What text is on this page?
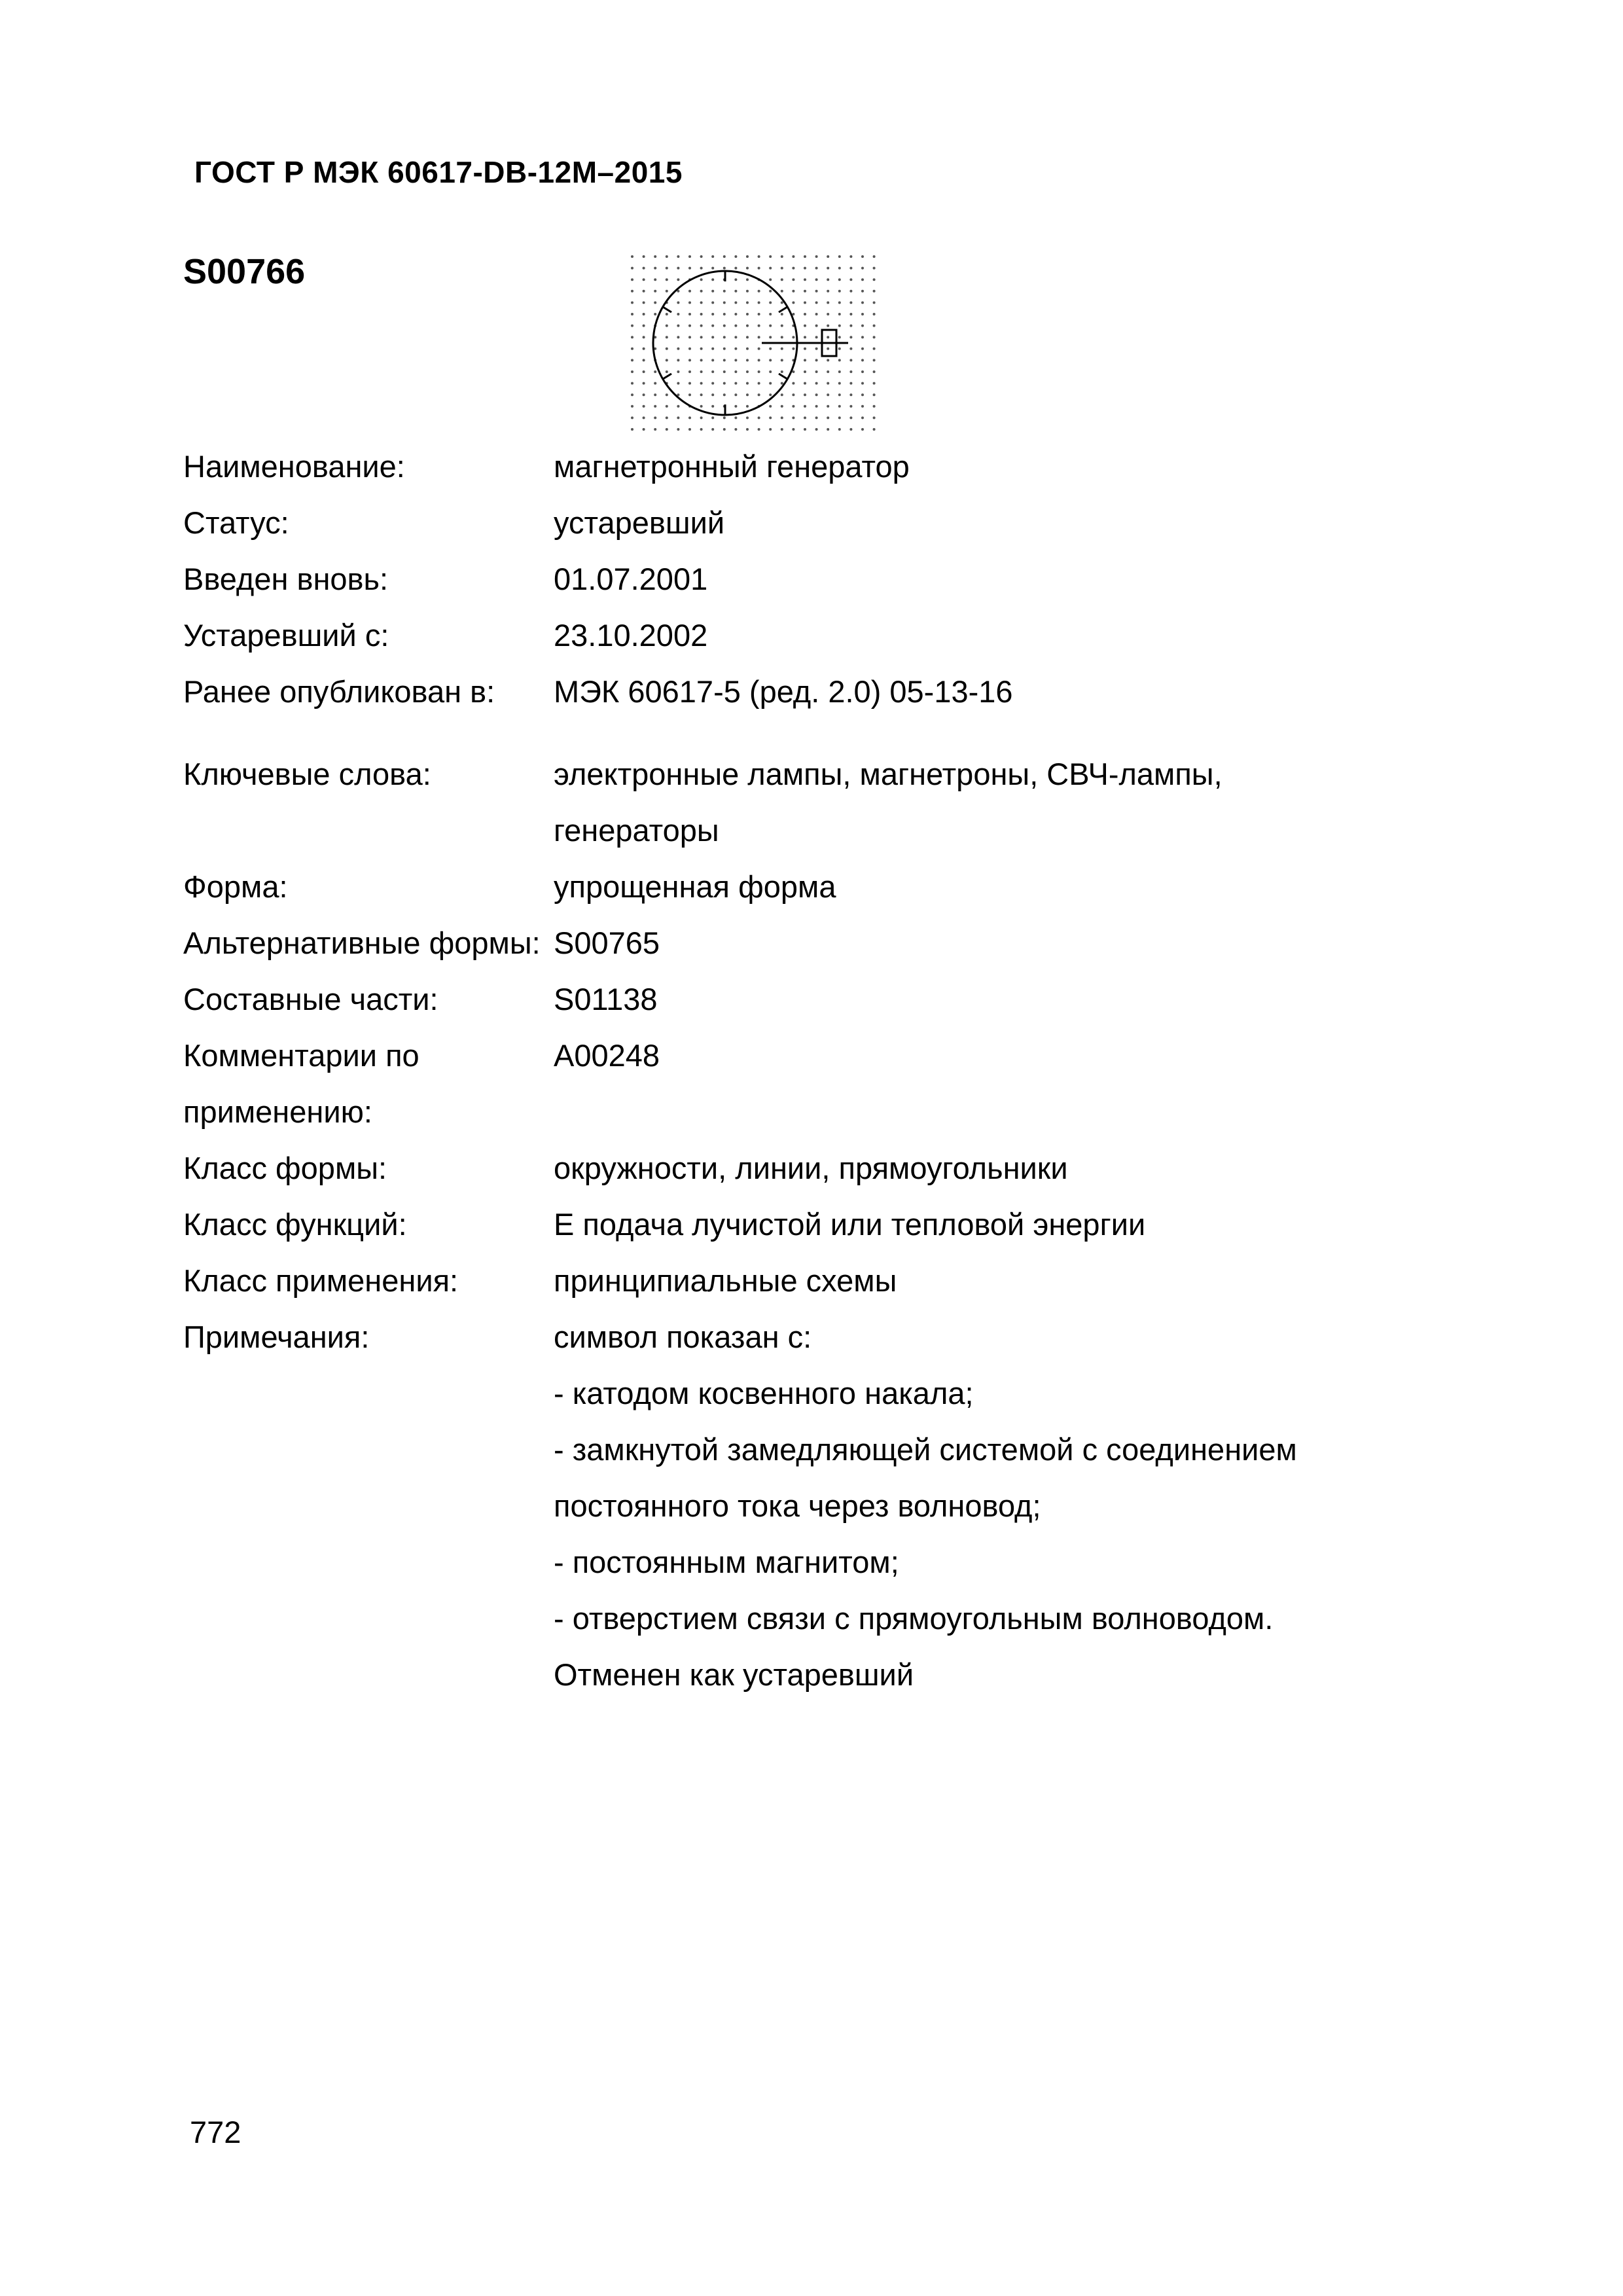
ГОСТ Р МЭК 60617-DB-12M–2015
S00766
Наименование:	магнетронный генератор
Статус:	устаревший
Введен вновь:	01.07.2001
Устаревший с:	23.10.2002
Ранее опубликован в:	МЭК 60617-5 (ред. 2.0) 05-13-16
Ключевые слова:	электронные лампы, магнетроны, СВЧ-лампы,
генераторы
Форма:	упрощенная форма
Альтернативные формы: S00765
Составные части:	S01138
Комментарии по применению:
A00248
Класс формы:	окружности, линии, прямоугольники
Класс функций:	Е подача лучистой или тепловой энергии
Класс применения:	принципиальные схемы
Примечания:	символ показан с:
- катодом косвенного накала;
- замкнутой замедляющей системой с соединением
постоянного тока через волновод;
- постоянным магнитом;
- отверстием связи с прямоугольным волноводом.
Отменен как устаревший
772
